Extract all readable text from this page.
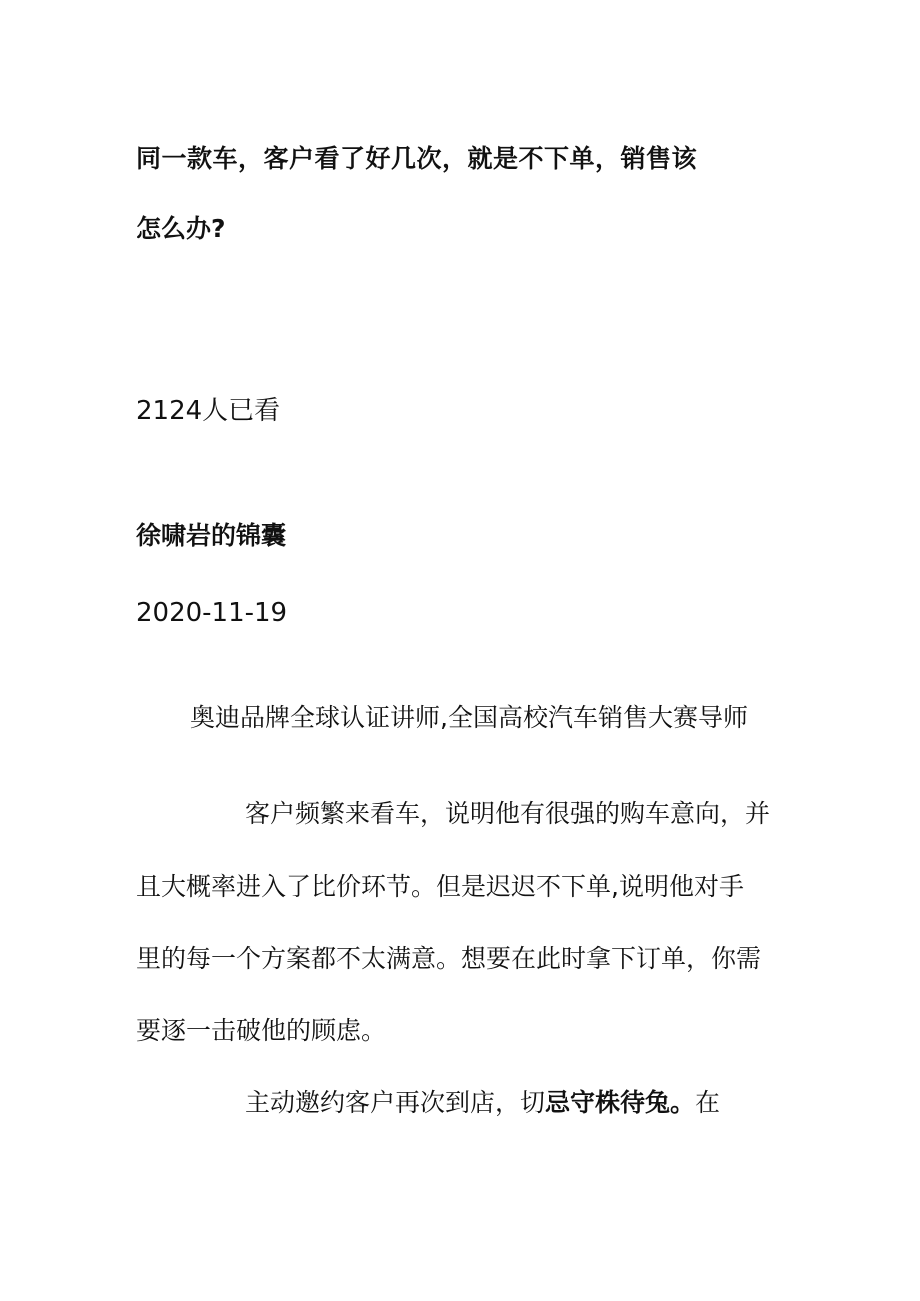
同一款车，客户看了好几次，就是不下单，销售该
怎么办?
2124人已看
徐啸岩的锦囊
2020-11-19
奥迪品牌全球认证讲师,全国高校汽车销售大赛导师
客户频繁来看车，说明他有很强的购车意向，并
且大概率进入了比价环节。但是迟迟不下单,说明他对手
里的每一个方案都不太满意。想要在此时拿下订单，你需
要逐一击破他的顾虑。
主动邀约客户再次到店，切忌守株待兔。在
